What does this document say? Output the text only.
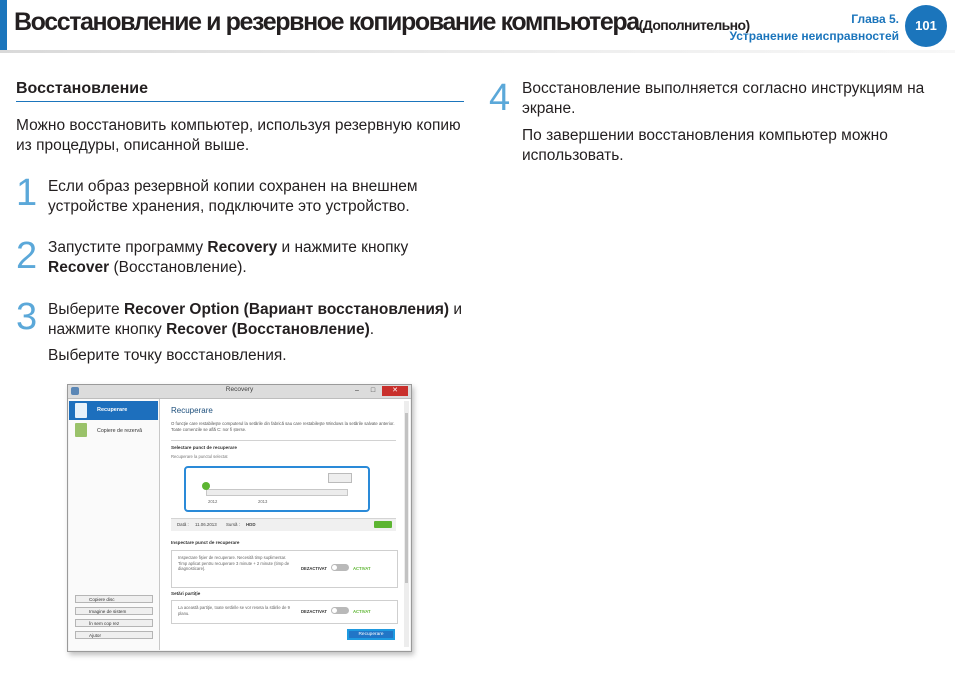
Восстановление и резервное копирование компьютера(Дополнительно)	Глава 5.
Устранение неисправностей
101
Восстановление
Можно восстановить компьютер, используя резервную копию из процедуры, описанной выше.
1 Если образ резервной копии сохранен на внешнем устройстве хранения, подключите это устройство.
2 Запустите программу Recovery и нажмите кнопку Recover (Восстановление).
3 Выберите Recover Option (Вариант восстановления) и нажмите кнопку Recover (Восстановление).
Выберите точку восстановления.
4 Восстановление выполняется согласно инструкциям на экране.
По завершении восстановления компьютер можно использовать.
Recovery	–	□	✕
Recuperare
Copiere de rezervă
Copiere disc
Imagine de sistem
În sem cop rez
Ajutor
Recuperare
O funcţie care restabileşte computerul la setările din fabrică sau care restabileşte Windows la setările salvate anterior. Toate comenzile se află C: nor fi șterse.
Selectare punct de recuperare
Recuperare la punctul selectat
2012	2013
Dată : 11.06.2013 Sursă : HDD
Inspectare punct de recuperare
Inspectare fişier de recuperare. Necesită timp suplimentar. Timp aplicat pentru recuperare 3 minute + 2 minute (timp de diagnosticare).	DEZACTIVAT	ACTIVAT
Setări partiţie
La această partiţie, toate setările se vor reseta la stările de 9 planu.	DEZACTIVAT	ACTIVAT
Recuperare
